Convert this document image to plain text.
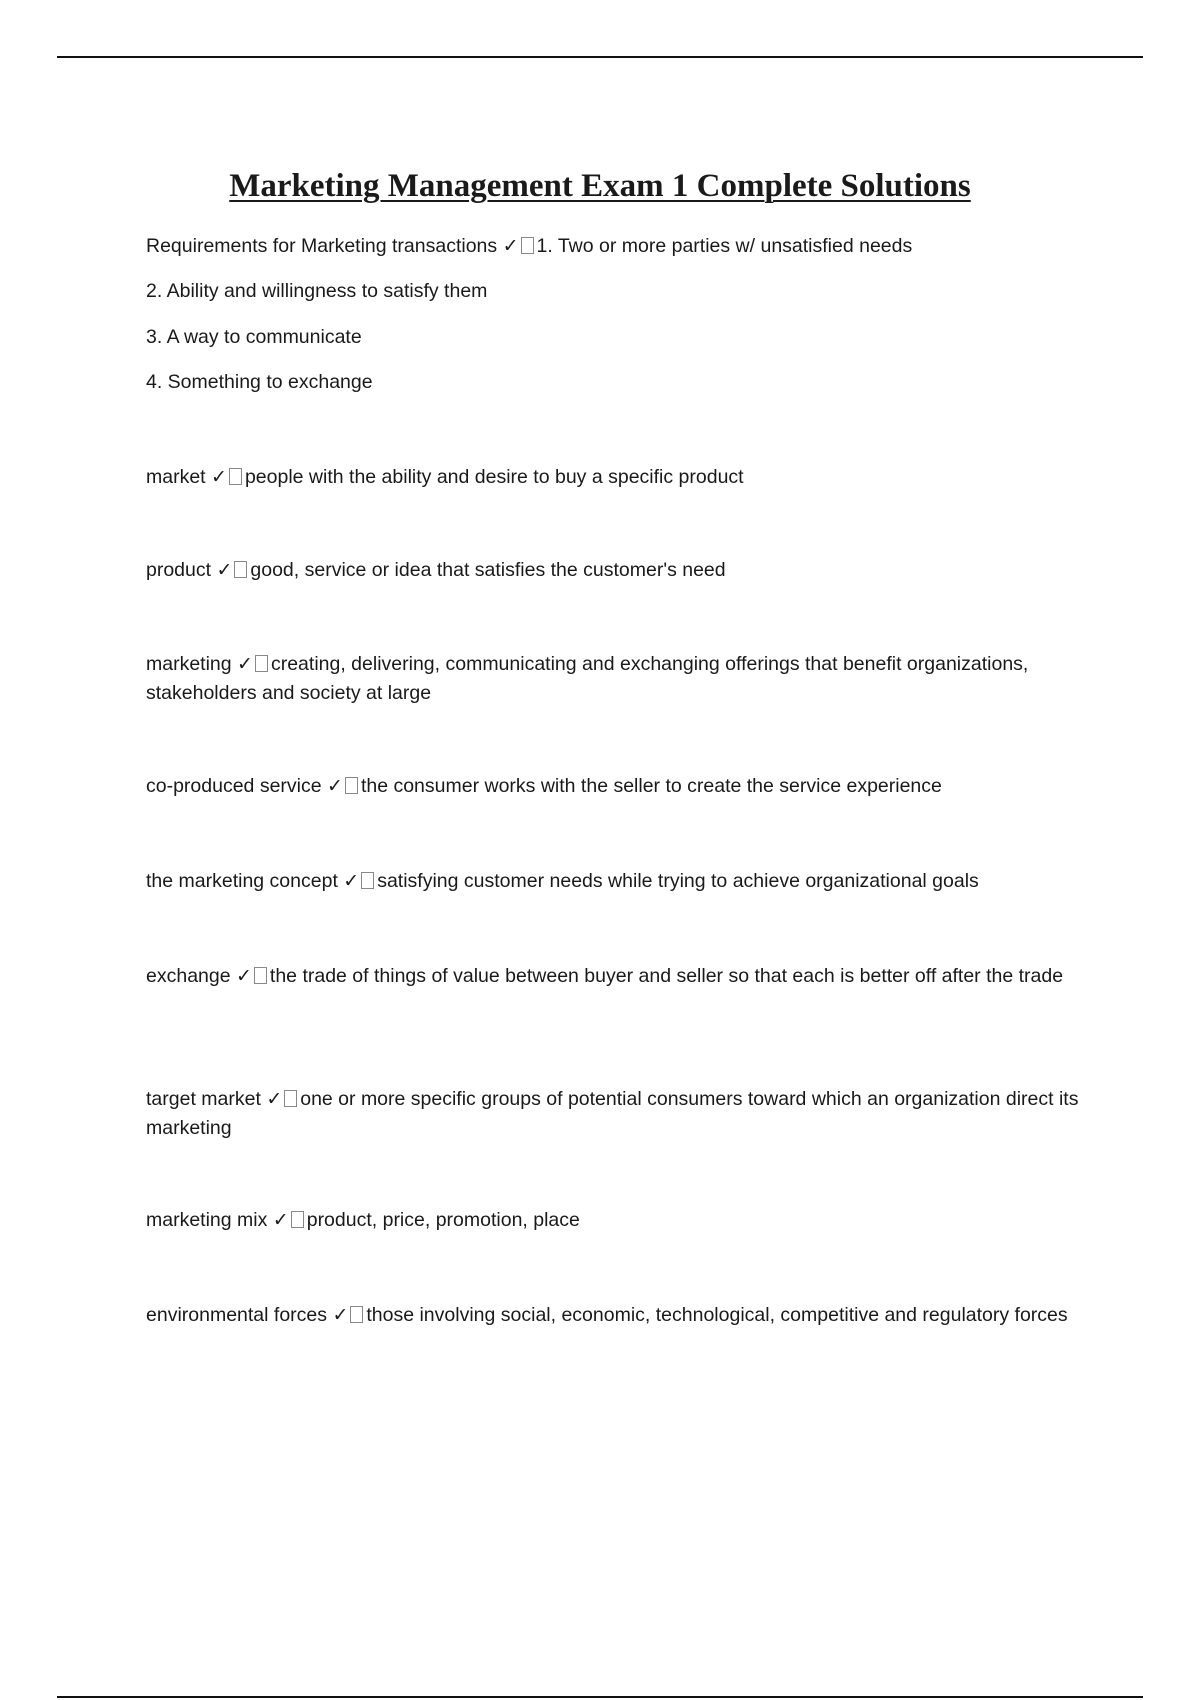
Marketing Management Exam 1 Complete Solutions
Requirements for Marketing transactions ✓ 1. Two or more parties w/ unsatisfied needs
2. Ability and willingness to satisfy them
3. A way to communicate
4. Something to exchange
market ✓ people with the ability and desire to buy a specific product
product ✓ good, service or idea that satisfies the customer's need
marketing ✓ creating, delivering, communicating and exchanging offerings that benefit organizations, stakeholders and society at large
co-produced service ✓ the consumer works with the seller to create the service experience
the marketing concept ✓ satisfying customer needs while trying to achieve organizational goals
exchange ✓ the trade of things of value between buyer and seller so that each is better off after the trade
target market ✓ one or more specific groups of potential consumers toward which an organization direct its marketing
marketing mix ✓ product, price, promotion, place
environmental forces ✓ those involving social, economic, technological, competitive and regulatory forces
